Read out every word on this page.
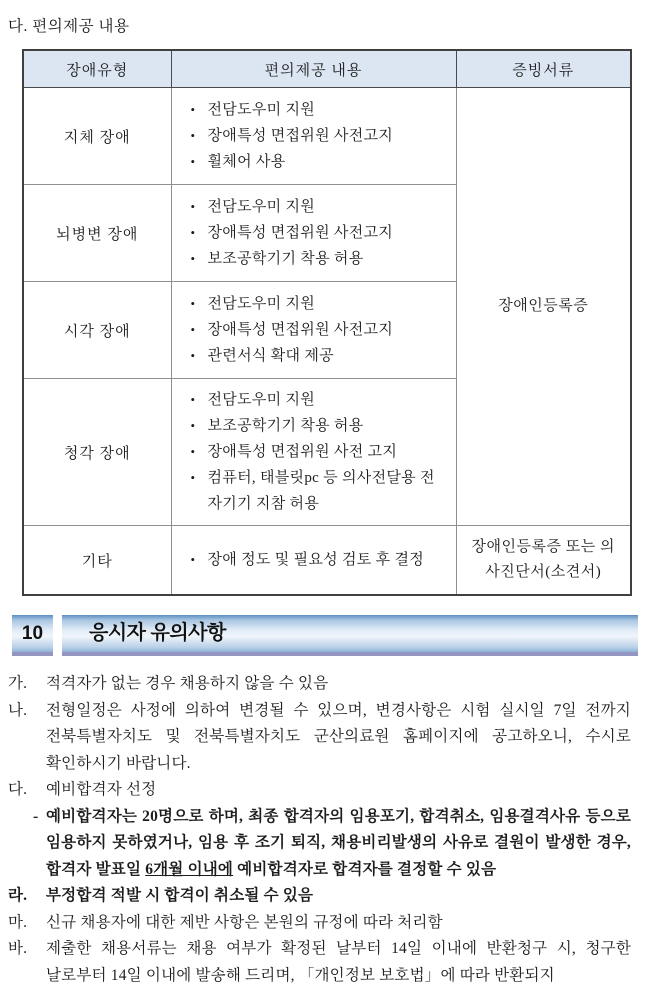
다. 편의제공 내용

장애유형	편의제공 내용	증빙서류
지체 장애	• 전담도우미 지원
• 장애특성 면접위원 사전고지
• 휠체어 사용	장애인등록증
뇌병변 장애	• 전담도우미 지원
• 장애특성 면접위원 사전고지
• 보조공학기기 착용 허용

시각 장애	• 전담도우미 지원
• 장애특성 면접위원 사전고지
• 관련서식 확대 제공

청각 장애	• 전담도우미 지원
• 보조공학기기 착용 허용
• 장애특성 면접위원 사전 고지
• 컴퓨터, 태블릿pc 등 의사전달용 전자기기 지참 허용

기타	• 장애 정도 및 필요성 검토 후 결정	장애인등록증 또는 의사진단서(소견서)
10	응시자 유의사항

가. 적격자가 없는 경우 채용하지 않을 수 있음

나. 전형일정은 사정에 의하여 변경될 수 있으며, 변경사항은 시험 실시일 7일 전까지 전북특별자치도 및 전북특별자치도 군산의료원 홈페이지에 공고하오니, 수시로 확인하시기 바랍니다.

다. 예비합격자 선정

- 예비합격자는 20명으로 하며, 최종 합격자의 임용포기, 합격취소, 임용결격사유 등으로 임용하지 못하였거나, 임용 후 조기 퇴직, 채용비리발생의 사유로 결원이 발생한 경우, 합격자 발표일 6개월 이내에 예비합격자로 합격자를 결정할 수 있음

라. 부정합격 적발 시 합격이 취소될 수 있음

마. 신규 채용자에 대한 제반 사항은 본원의 규정에 따라 처리함

바. 제출한 채용서류는 채용 여부가 확정된 날부터 14일 이내에 반환청구 시, 청구한 날로부터 14일 이내에 발송해 드리며, 「개인정보 보호법」에 따라 반환되지
